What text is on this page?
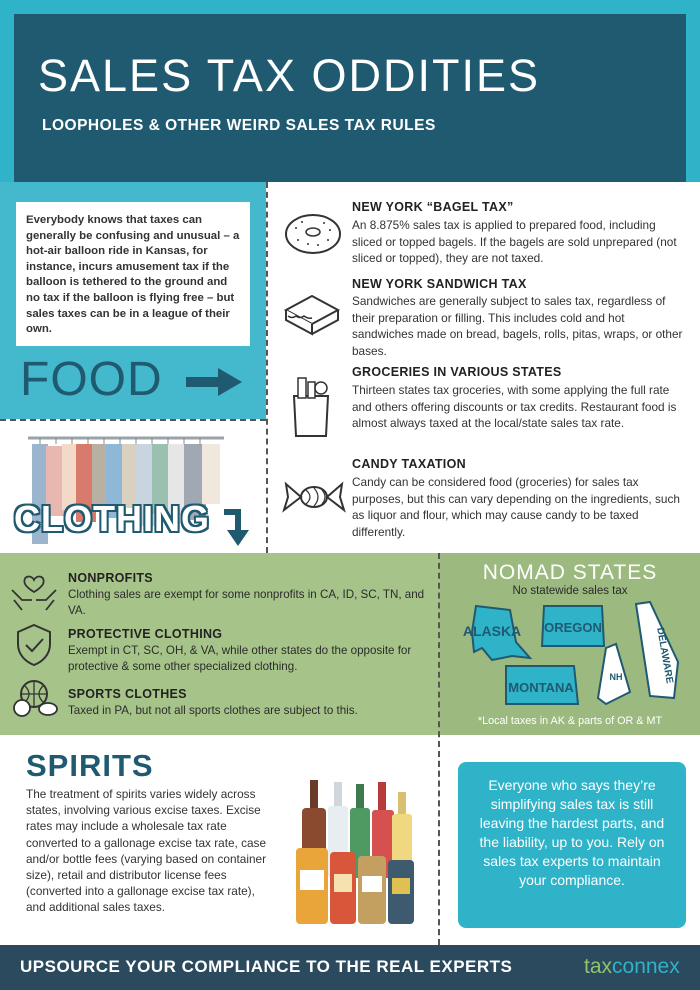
SALES TAX ODDITIES
LOOPHOLES & OTHER WEIRD SALES TAX RULES
Everybody knows that taxes can generally be confusing and unusual – a hot-air balloon ride in Kansas, for instance, incurs amusement tax if the balloon is tethered to the ground and no tax if the balloon is flying free – but sales taxes can be in a league of their own.
FOOD
CLOTHING
NEW YORK “BAGEL TAX”
An 8.875% sales tax is applied to prepared food, including sliced or topped bagels. If the bagels are sold unprepared (not sliced or topped), they are not taxed.
NEW YORK SANDWICH TAX
Sandwiches are generally subject to sales tax, regardless of their preparation or filling. This includes cold and hot sandwiches made on bread, bagels, rolls, pitas, wraps, or other bases.
GROCERIES IN VARIOUS STATES
Thirteen states tax groceries, with some applying the full rate and others offering discounts or tax credits. Restaurant food is almost always taxed at the local/state sales tax rate.
CANDY TAXATION
Candy can be considered food (groceries) for sales tax purposes, but this can vary depending on the ingredients, such as liquor and flour, which may cause candy to be taxed differently.
NONPROFITS
Clothing sales are exempt for some nonprofits in CA, ID, SC, TN, and VA.
PROTECTIVE CLOTHING
Exempt in CT, SC, OH, & VA, while other states do the opposite for protective & some other specialized clothing.
SPORTS CLOTHES
Taxed in PA, but not all sports clothes are subject to this.
NOMAD STATES
No statewide sales tax
ALASKA OREGON	DELAWARE
MONTANA
NH
*Local taxes in AK & parts of OR & MT
SPIRITS
The treatment of spirits varies widely across states, involving various excise taxes. Excise rates may include a wholesale tax rate converted to a gallonage excise tax rate, case and/or bottle fees (varying based on container size), retail and distributor license fees (converted into a gallonage excise tax rate), and additional sales taxes.
Everyone who says they’re simplifying sales tax is still leaving the hardest parts, and the liability, up to you. Rely on sales tax experts to maintain your compliance.
UPSOURCE YOUR COMPLIANCE TO THE REAL EXPERTS	taxconnex
